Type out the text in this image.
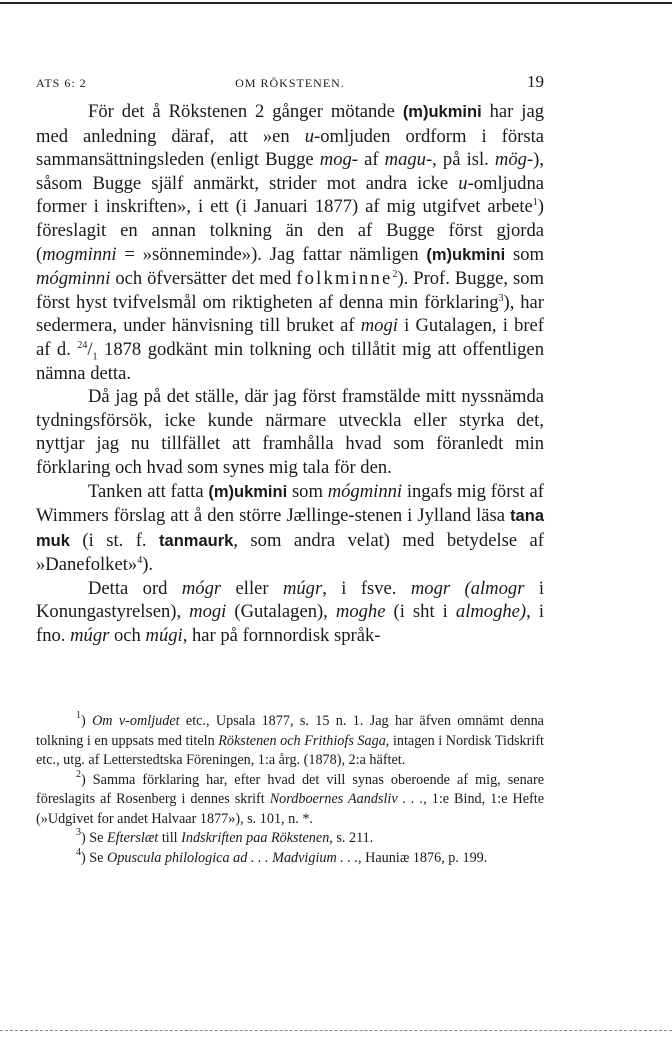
ATS 6: 2	OM RÖKSTENEN.	19

För det å Rökstenen 2 gånger mötande (m)ukmini har jag med anledning däraf, att »en u-omljuden ordform i första sammansättningsleden (enligt Bugge mog- af magu-, på isl. mög-), såsom Bugge själf anmärkt, strider mot andra icke u-omljudna former i inskriften», i ett (i Januari 1877) af mig utgifvet arbete$^1$) föreslagit en annan tolkning än den af Bugge först gjorda (mogminni = »sönneminde»). Jag fattar nämligen (m)ukmini som mógminni och öfversätter det med folkminne$^2$). Prof. Bugge, som först hyst tvifvelsmål om riktigheten af denna min förklaring$^3$), har sedermera, under hänvisning till bruket af mogi i Gutalagen, i bref af d. $^{24}/_1$ 1878 godkänt min tolkning och tillåtit mig att offentligen nämna detta.

Då jag på det ställe, där jag först framstälde mitt nyssnämda tydningsförsök, icke kunde närmare utveckla eller styrka det, nyttjar jag nu tillfället att framhålla hvad som föranledt min förklaring och hvad som synes mig tala för den.

Tanken att fatta (m)ukmini som mógminni ingafs mig först af Wimmers förslag att å den större Jællinge-stenen i Jylland läsa tana muk (i st. f. tanmaurk, som andra velat) med betydelse af »Danefolket»$^4$).

Detta ord mógr eller múgr, i fsve. mogr (almogr i Konungastyrelsen), mogi (Gutalagen), moghe (i sht i almoghe), i fno. múgr och múgi, har på fornnordisk språk-

$^1$) Om v-omljudet etc., Upsala 1877, s. 15 n. 1. Jag har äfven omnämt denna tolkning i en uppsats med titeln Rökstenen och Frithiofs Saga, intagen i Nordisk Tidskrift etc., utg. af Letterstedtska Föreningen, 1:a årg. (1878), 2:a häftet.

$^2$) Samma förklaring har, efter hvad det vill synas oberoende af mig, senare föreslagits af Rosenberg i dennes skrift Nordboernes Aandsliv . . ., 1:e Bind, 1:e Hefte (»Udgivet for andet Halvaar 1877»), s. 101, n. *.

$^3$) Se Efterslæt till Indskriften paa Rökstenen, s. 211.

$^4$) Se Opuscula philologica ad . . . Madvigium . . ., Hauniæ 1876, p. 199.
